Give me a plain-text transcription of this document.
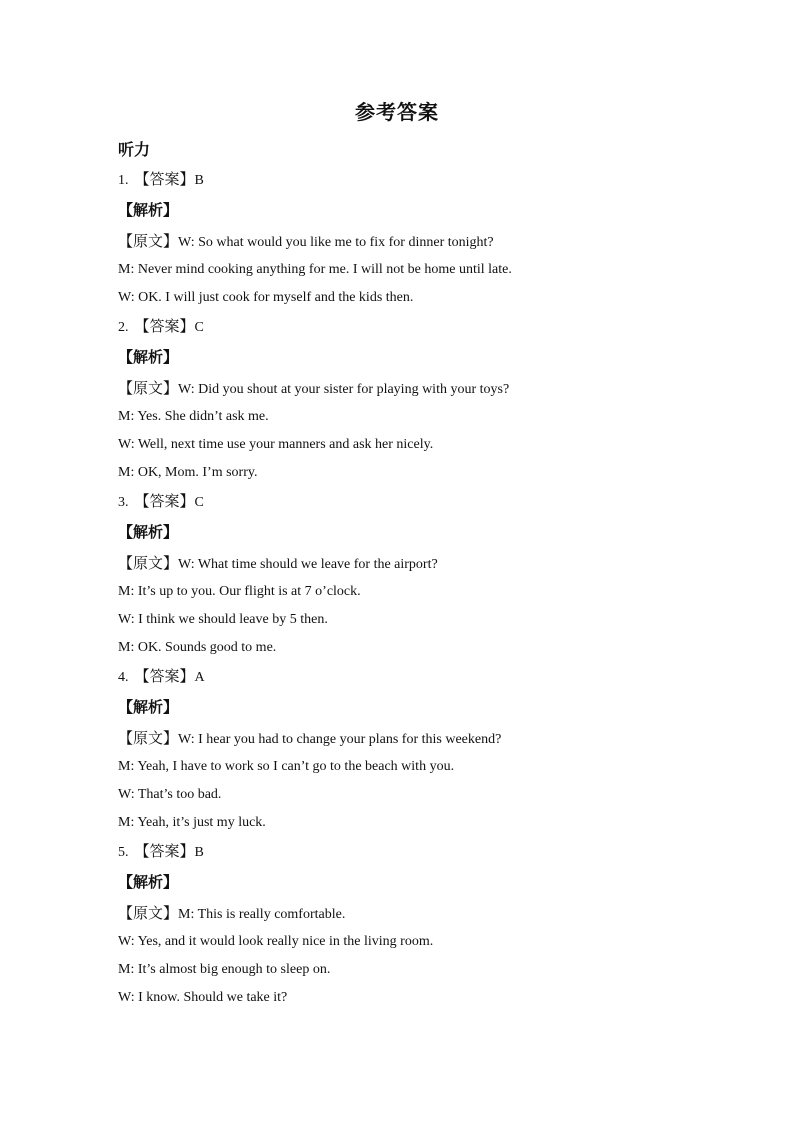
参考答案
听力
1. 【答案】B
【解析】
【原文】W: So what would you like me to fix for dinner tonight?
M: Never mind cooking anything for me. I will not be home until late.
W: OK. I will just cook for myself and the kids then.
2. 【答案】C
【解析】
【原文】W: Did you shout at your sister for playing with your toys?
M: Yes. She didn’t ask me.
W: Well, next time use your manners and ask her nicely.
M: OK, Mom. I’m sorry.
3. 【答案】C
【解析】
【原文】W: What time should we leave for the airport?
M: It’s up to you. Our flight is at 7 o’clock.
W: I think we should leave by 5 then.
M: OK. Sounds good to me.
4. 【答案】A
【解析】
【原文】W: I hear you had to change your plans for this weekend?
M: Yeah, I have to work so I can’t go to the beach with you.
W: That’s too bad.
M: Yeah, it’s just my luck.
5. 【答案】B
【解析】
【原文】M: This is really comfortable.
W: Yes, and it would look really nice in the living room.
M: It’s almost big enough to sleep on.
W: I know. Should we take it?
